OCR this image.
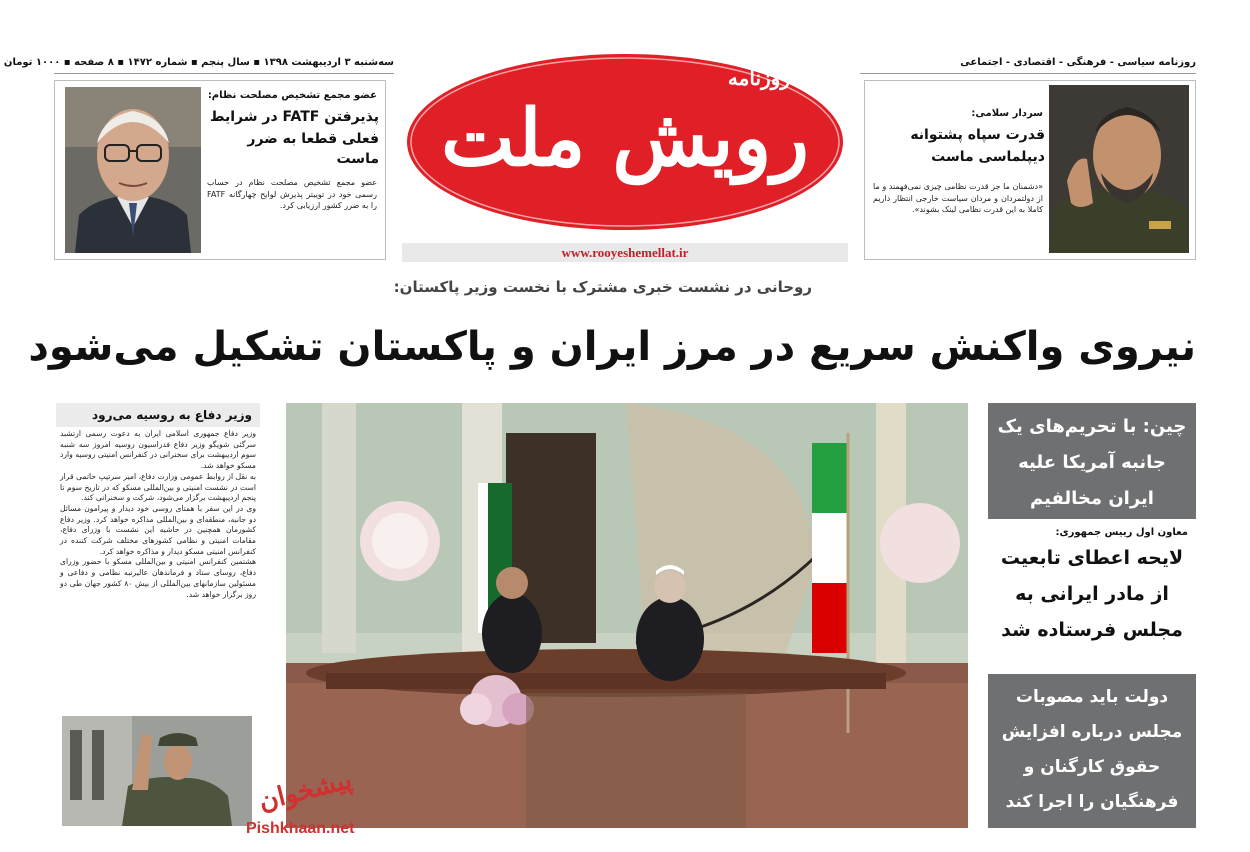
سه‌شنبه ۳ اردیبهشت ۱۳۹۸ ▪ سال پنجم ▪ شماره ۱۴۷۲ ▪ ۸ صفحه ▪ ۱۰۰۰ تومان	روزنامه سیاسی - فرهنگی - اقتصادی - اجتماعی
روزنامه
رویش ملت
www.rooyeshemellat.ir
عضو مجمع تشخیص مصلحت نظام:
پذیرفتن FATF در شرایط
فعلی قطعا به ضرر ماست
عضو مجمع تشخیص مصلحت نظام در حساب رسمی خود در توییتر پذیرش لوایح چهارگانه FATF را به ضرر کشور ارزیابی کرد.
سردار سلامی:
قدرت سپاه پشتوانه
دیپلماسی ماست
«دشمنان ما جز قدرت نظامی چیزی نمی‌فهمند و ما از دولتمردان و مردان سیاست خارجی انتظار داریم کاملا به این قدرت نظامی لینک بشوند».
روحانی در نشست خبری مشترک با نخست وزیر پاکستان:
نیروی واکنش سریع در مرز ایران و پاکستان تشکیل می‌شود
وزیر دفاع به روسیه می‌رود
وزیر دفاع جمهوری اسلامی ایران به دعوت رسمی ارتشبد سرگئی شویگو وزیر دفاع فدراسیون روسیه امروز سه شنبه سوم اردیبهشت برای سخنرانی در کنفرانس امنیتی روسیه وارد مسکو خواهد شد.
به نقل از روابط عمومی وزارت دفاع، امیر سرتیپ حاتمی قرار است در نشست امنیتی و بین‌المللی مسکو که در تاریخ سوم تا پنجم اردیبهشت برگزار می‌شود، شرکت و سخنرانی کند.
وی در این سفر با همتای روسی خود دیدار و پیرامون مسائل دو جانبه، منطقه‌ای و بین‌المللی مذاکره خواهد کرد. وزیر دفاع کشورمان همچنین در حاشیه این نشست با وزرای دفاع، مقامات امنیتی و نظامی کشورهای مختلف شرکت کننده در کنفرانس امنیتی مسکو دیدار و مذاکره خواهد کرد.
هشتمین کنفرانس امنیتی و بین‌المللی مسکو با حضور وزرای دفاع، روسای ستاد و فرماندهان عالیرتبه نظامی و دفاعی و مسئولین سازمانهای بین‌المللی از بیش ۸۰ کشور جهان طی دو روز برگزار خواهد شد.
چین: با تحریم‌های یک جانبه آمریکا علیه ایران مخالفیم
معاون اول رییس جمهوری:
لایحه اعطای تابعیت از مادر ایرانی به مجلس فرستاده شد
دولت باید مصوبات مجلس درباره افزایش حقوق کارگنان و فرهنگیان را اجرا کند
پیشخوان
Pishkhaan.net
